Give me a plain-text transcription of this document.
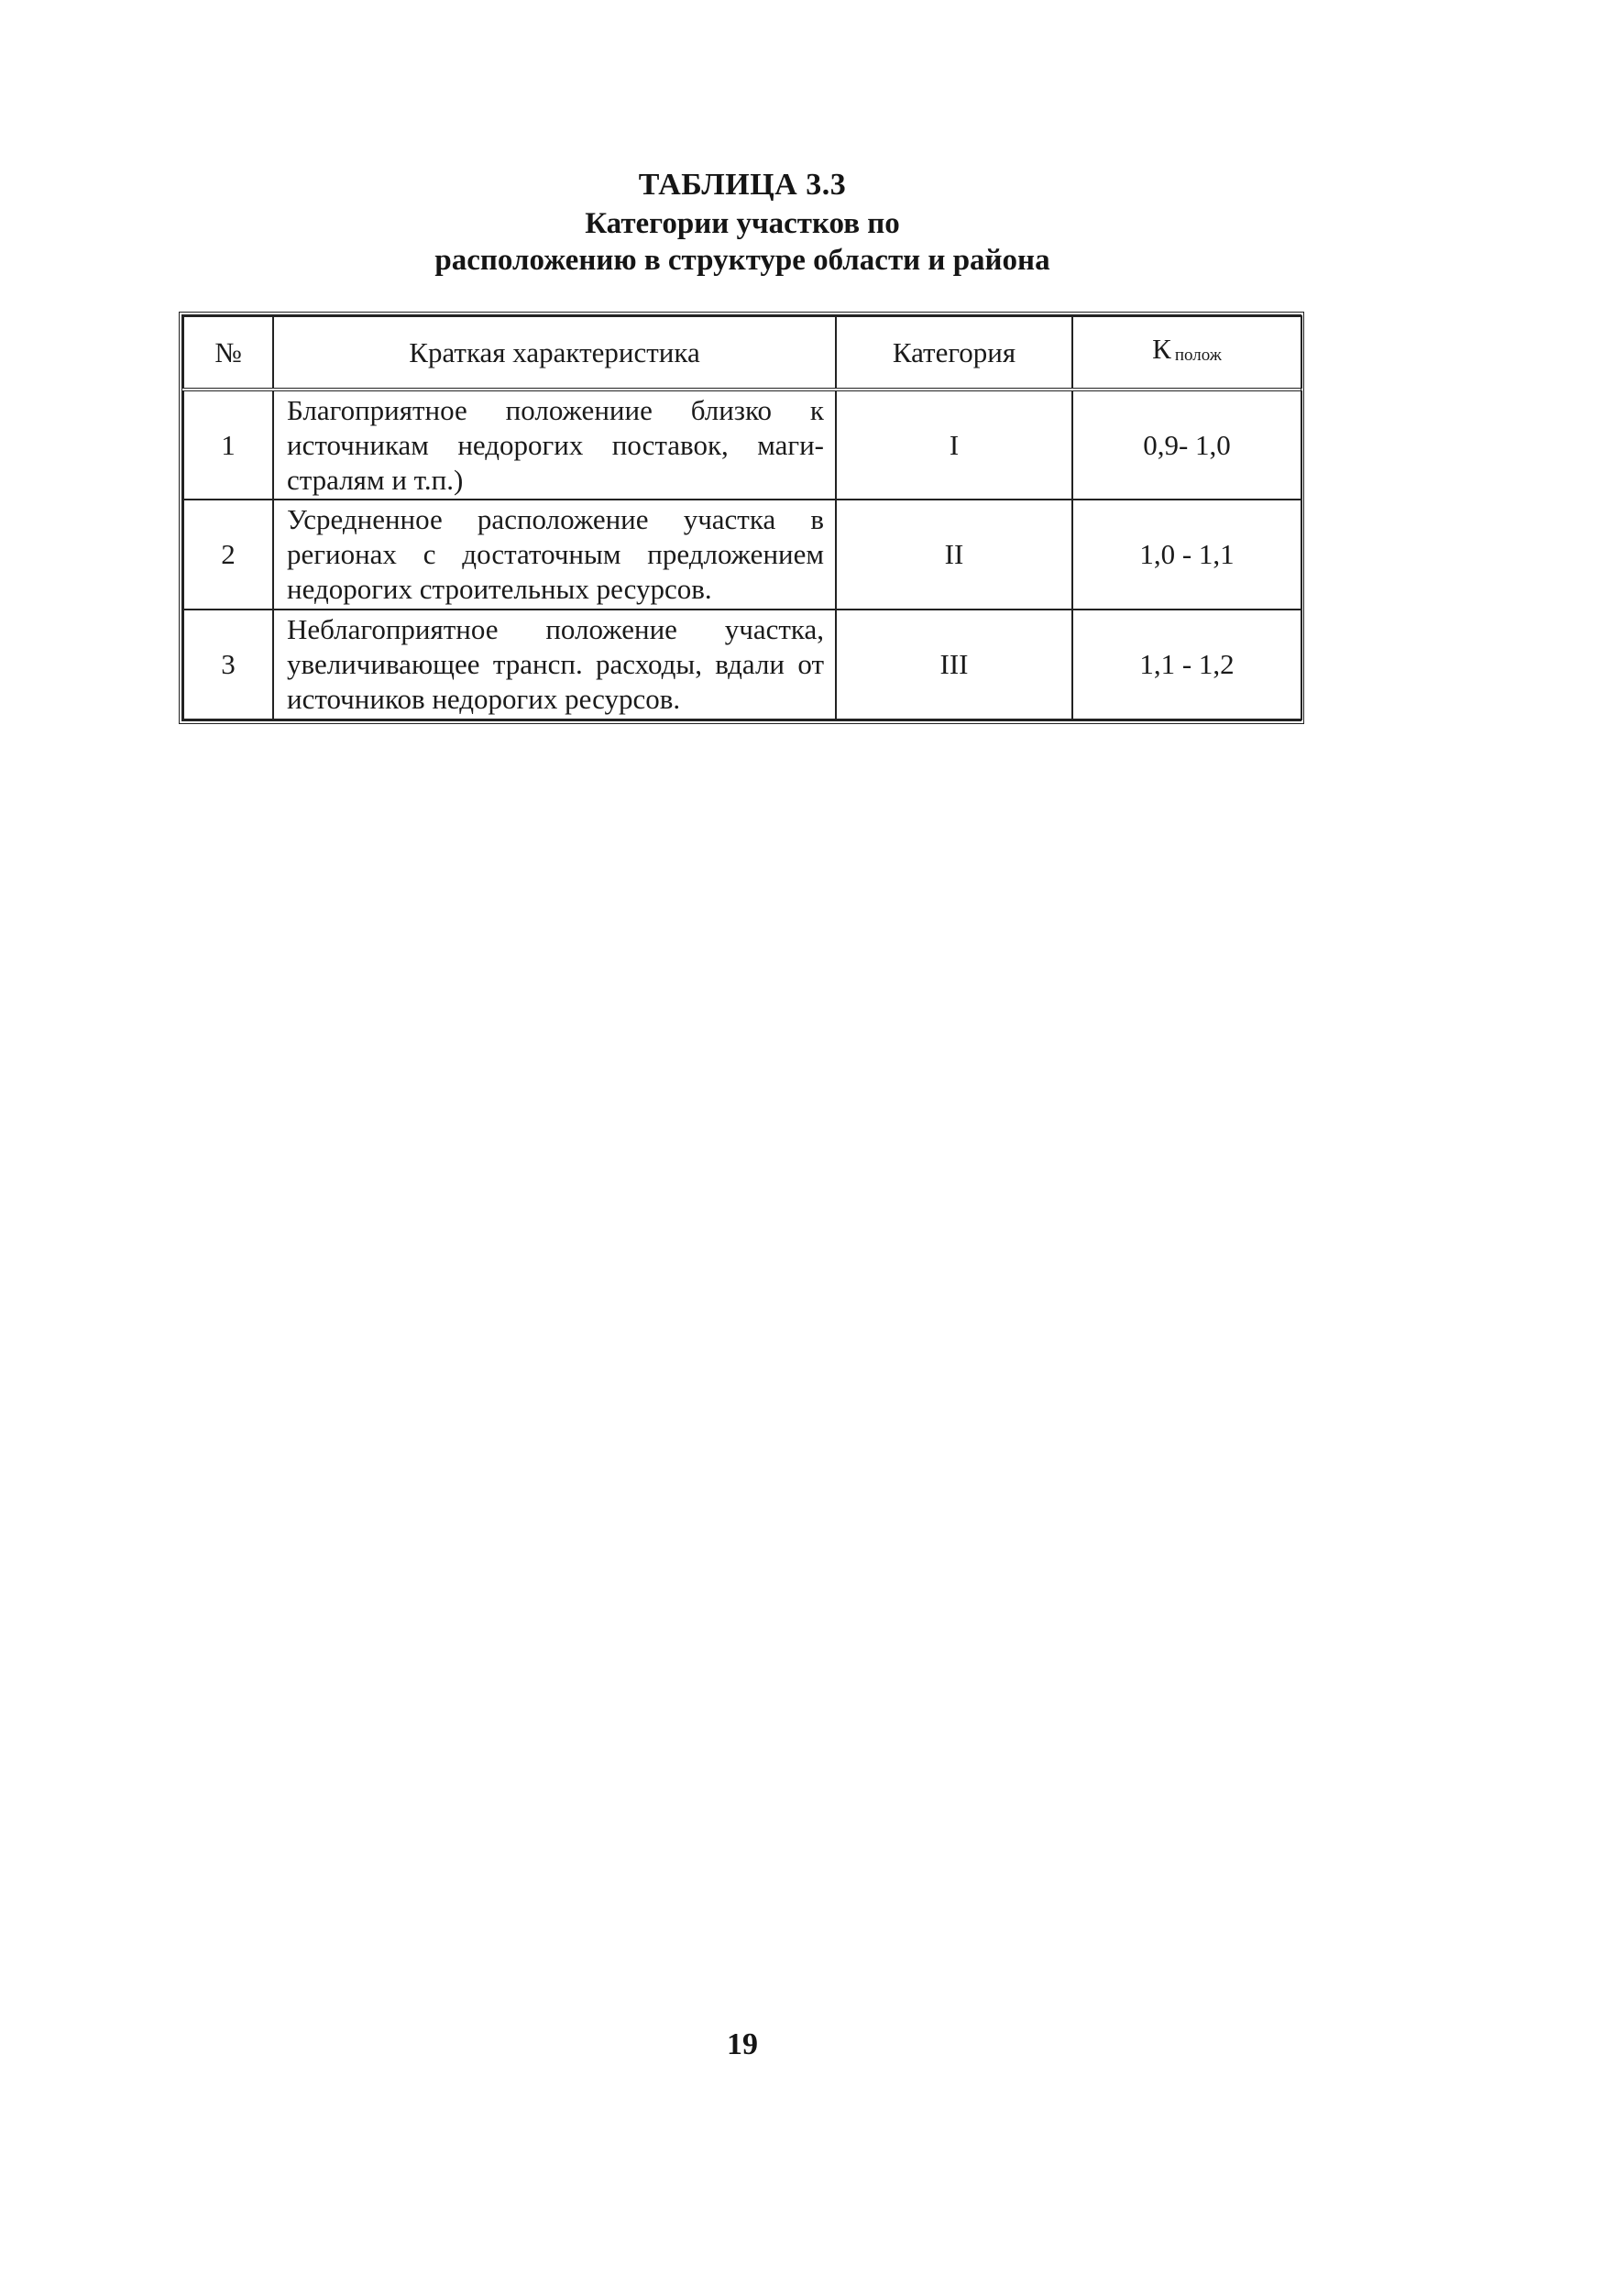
ТАБЛИЦА 3.3
Категории участков по
расположению в структуре области и района
№	Краткая характеристика	Категория	К полож
1	Благоприятное положениие близко к источникам недорогих поставок, магистралям и т.п.)	I	0,9- 1,0
2	Усредненное расположение участка в регионах с достаточным предложением недорогих строительных ресурсов.	II	1,0 - 1,1
3	Неблагоприятное положение участка, увеличивающее трансп. расходы, вдали от источников недорогих ресурсов.	III	1,1 - 1,2
19
